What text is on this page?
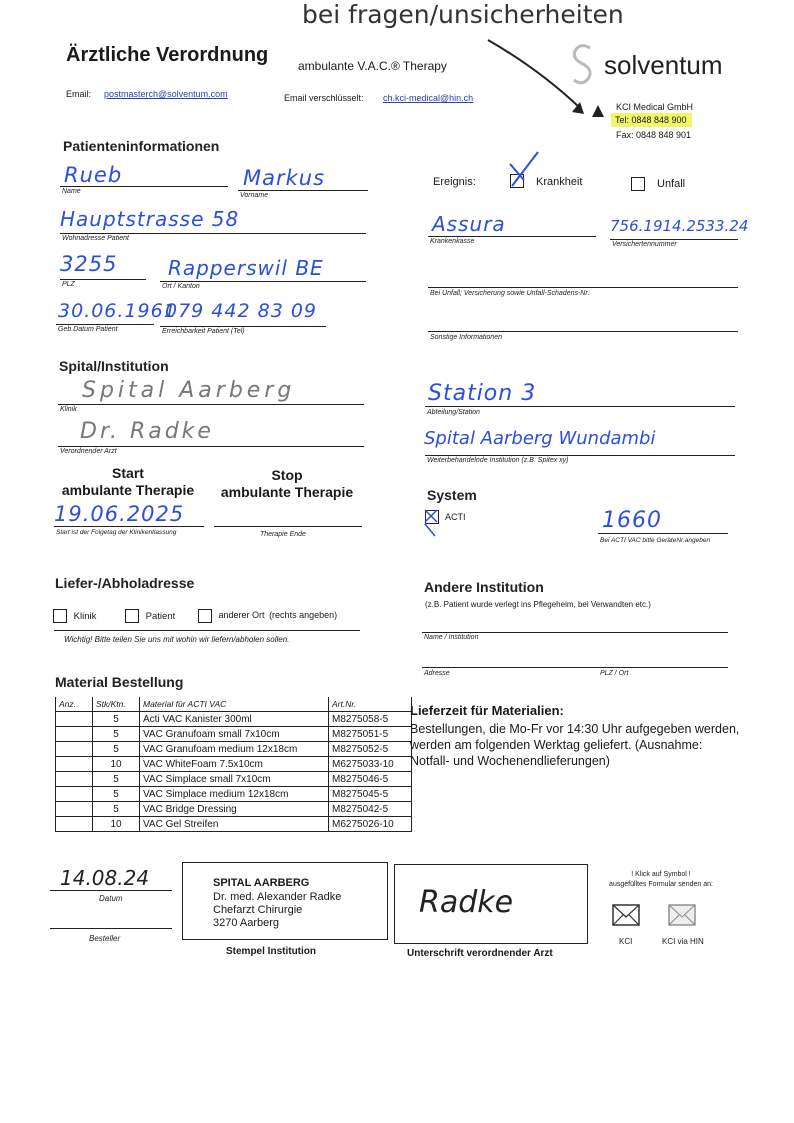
bei fragen/unsicherheiten
Ärztliche Verordnung ambulante V.A.C.® Therapy	solventum
Email: postmasterch@solventum.com	Email verschlüsselt: ch.kci-medical@hin.ch
KCI Medical GmbH
Tel: 0848 848 900
Fax: 0848 848 901
Patienteninformationen
Rueb
Name
Markus
Vorname
Hauptstrasse 58
Wohnadresse Patient
3255
PLZ
Rapperswil BE
Ort / Kanton
30.06.1961
Geb.Datum Patient
079 442 83 09
Erreichbarkeit Patient (Tel)
Ereignis:	Krankheit	Unfall
Assura
Krankenkasse
756.1914.2533.24
Versichertennummer
Bei Unfall; Versicherung sowie Unfall-Schadens-Nr.
Sonstige Informationen
Spital/Institution
Spital Aarberg
Klinik
Dr. Radke
Verordnender Arzt
Station 3
Abteilung/Station
Spital Aarberg Wundambi
Weiterbehandelnde Institution (z.B. Spitex xy)
Start
ambulante Therapie
Stop
ambulante Therapie
19.06.2025
Start ist der Folgetag der Klinikentlassung	Therapie Ende
System
ACTI	1660
Bei ACTI VAC bitte GeräteNr.angeben
Liefer-/Abholadresse
Klinik	Patient	anderer Ort (rechts angeben)
Wichtig! Bitte teilen Sie uns mit wohin wir liefern/abholen sollen.
Andere Institution
(z.B. Patient wurde verlegt ins Pflegeheim, bei Verwandten etc.)
Name / Institution
Adresse	PLZ / Ort
Material Bestellung
Anz.	Stk/Ktn.	Material für ACTI VAC	Art.Nr.
	5	Acti VAC Kanister 300ml	M8275058-5
	5	VAC Granufoam small 7x10cm	M8275051-5
	5	VAC Granufoam medium 12x18cm	M8275052-5
	10	VAC WhiteFoam 7.5x10cm	M6275033-10
	5	VAC Simplace small 7x10cm	M8275046-5
	5	VAC Simplace medium 12x18cm	M8275045-5
	5	VAC Bridge Dressing	M8275042-5
	10	VAC Gel Streifen	M6275026-10
Lieferzeit für Materialien:
Bestellungen, die Mo-Fr vor 14:30 Uhr aufgegeben werden, werden am folgenden Werktag geliefert. (Ausnahme: Notfall- und Wochenendlieferungen)
14.08.24
Datum
Besteller
SPITAL AARBERG
Dr. med. Alexander Radke
Chefarzt Chirurgie
3270 Aarberg
Stempel Institution
Radke
Unterschrift verordnender Arzt
! Klick auf Symbol !
ausgefülltes Formular senden an:
KCI	KCI via HIN
